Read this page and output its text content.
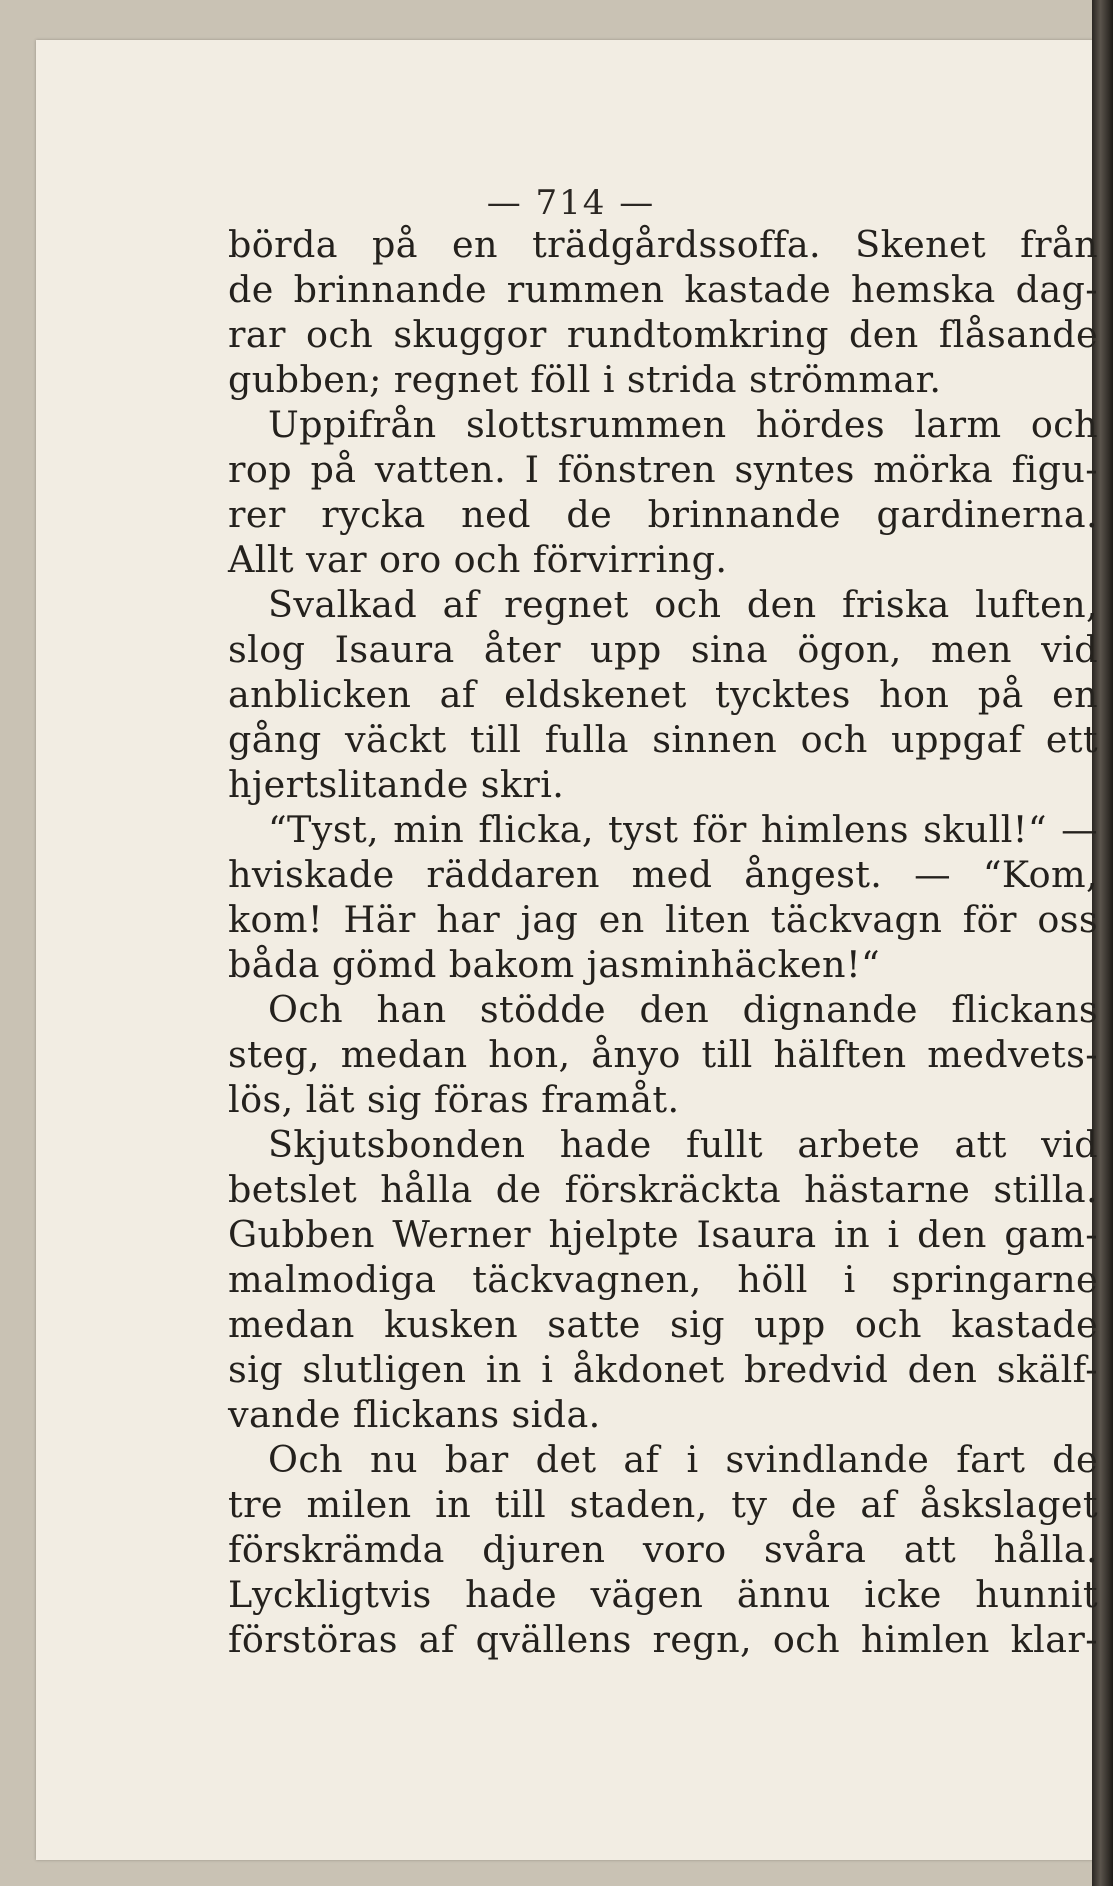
— 714 —
börda på en trädgårdssoffa. Skenet från
de brinnande rummen kastade hemska dag-
rar och skuggor rundtomkring den flåsande
gubben; regnet föll i strida strömmar.
Uppifrån slottsrummen hördes larm och
rop på vatten. I fönstren syntes mörka figu-
rer rycka ned de brinnande gardinerna.
Allt var oro och förvirring.
Svalkad af regnet och den friska luften,
slog Isaura åter upp sina ögon, men vid
anblicken af eldskenet tycktes hon på en
gång väckt till fulla sinnen och uppgaf ett
hjertslitande skri.
“Tyst, min flicka, tyst för himlens skull!“ —
hviskade räddaren med ångest. — “Kom,
kom! Här har jag en liten täckvagn för oss
båda gömd bakom jasminhäcken!“
Och han stödde den dignande flickans
steg, medan hon, ånyo till hälften medvets-
lös, lät sig föras framåt.
Skjutsbonden hade fullt arbete att vid
betslet hålla de förskräckta hästarne stilla.
Gubben Werner hjelpte Isaura in i den gam-
malmodiga täckvagnen, höll i springarne
medan kusken satte sig upp och kastade
sig slutligen in i åkdonet bredvid den skälf-
vande flickans sida.
Och nu bar det af i svindlande fart de
tre milen in till staden, ty de af åskslaget
förskrämda djuren voro svåra att hålla.
Lyckligtvis hade vägen ännu icke hunnit
förstöras af qvällens regn, och himlen klar-
